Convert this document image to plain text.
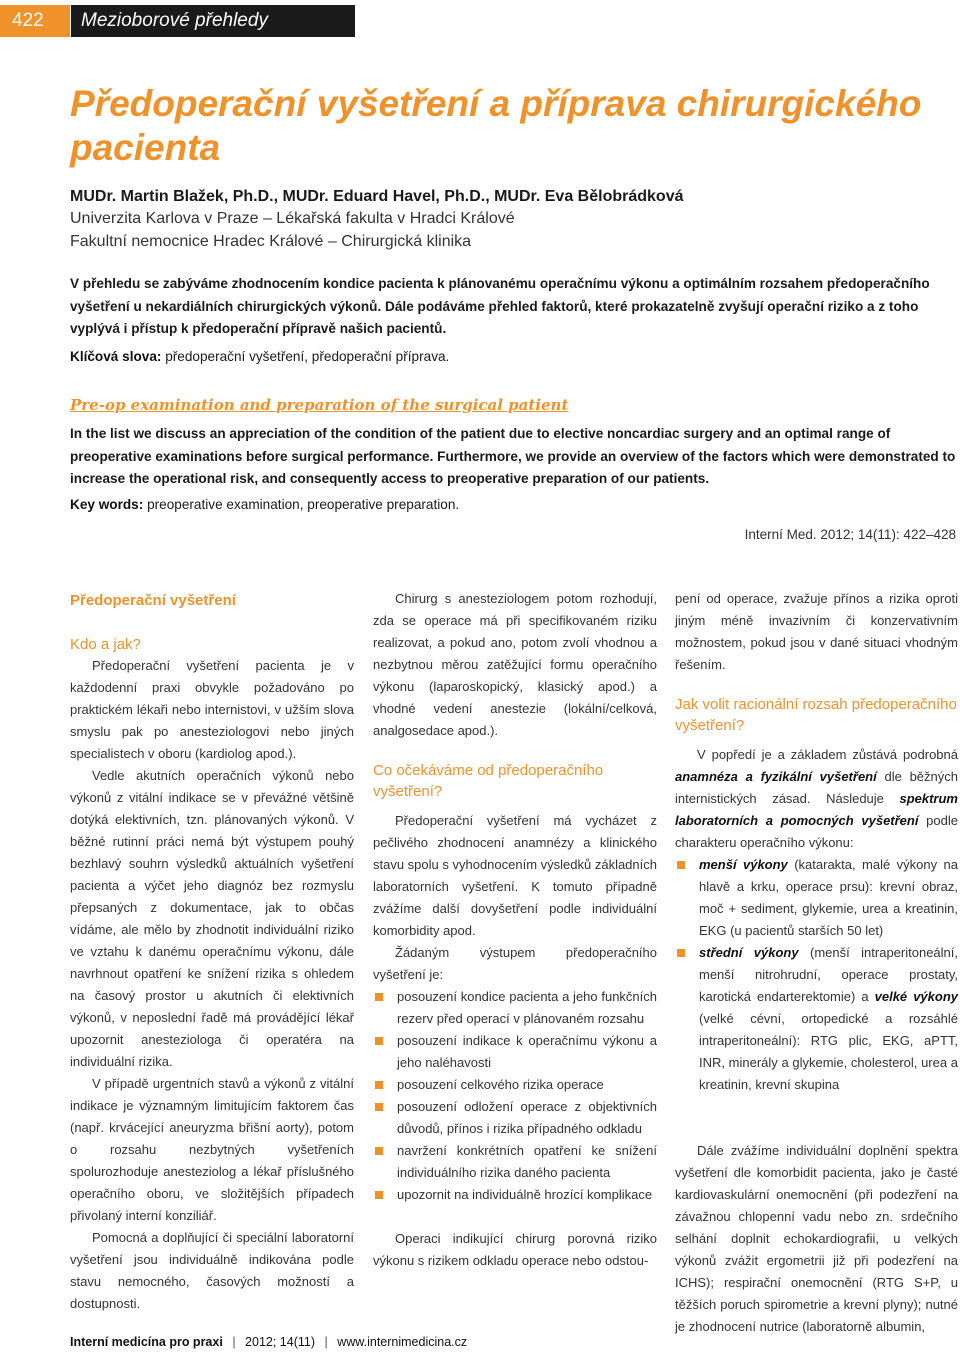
422	Mezioborové přehledy
Předoperační vyšetření a příprava chirurgického pacienta
MUDr. Martin Blažek, Ph.D., MUDr. Eduard Havel, Ph.D., MUDr. Eva Bělobrádková
Univerzita Karlova v Praze – Lékařská fakulta v Hradci Králové
Fakultní nemocnice Hradec Králové – Chirurgická klinika

V přehledu se zabýváme zhodnocením kondice pacienta k plánovanému operačnímu výkonu a optimálním rozsahem předoperačního vyšetření u nekardiálních chirurgických výkonů. Dále podáváme přehled faktorů, které prokazatelně zvyšují operační riziko a z toho vyplývá i přístup k předoperační přípravě našich pacientů.

Klíčová slova: předoperační vyšetření, předoperační příprava.

Pre-op examination and preparation of the surgical patient

In the list we discuss an appreciation of the condition of the patient due to elective noncardiac surgery and an optimal range of preoperative examinations before surgical performance. Furthermore, we provide an overview of the factors which were demonstrated to increase the operational risk, and consequently access to preoperative preparation of our patients.

Key words: preoperative examination, preoperative preparation.

Interní Med. 2012; 14(11): 422–428
Předoperační vyšetření
Kdo a jak?

Předoperační vyšetření pacienta je v každodenní praxi obvykle požadováno po praktickém lékaři nebo internistovi, v užším slova smyslu pak po anesteziologovi nebo jiných specialistech v oboru (kardiolog apod.).

Vedle akutních operačních výkonů nebo výkonů z vitální indikace se v převážné většině dotýká elektivních, tzn. plánovaných výkonů. V běžné rutinní práci nemá být výstupem pouhý bezhlavý souhrn výsledků aktuálních vyšetření pacienta a výčet jeho diagnóz bez rozmyslu přepsaných z dokumentace, jak to občas vídáme, ale mělo by zhodnotit individuální riziko ve vztahu k danému operačnímu výkonu, dále navrhnout opatření ke snížení rizika s ohledem na časový prostor u akutních či elektivních výkonů, v neposlední řadě má provádějící lékař upozornit anesteziologa či operatéra na individuální rizika.

V případě urgentních stavů a výkonů z vitální indikace je významným limitujícím faktorem čas (např. krvácející aneuryzma břišní aorty), potom o rozsahu nezbytných vyšetřeních spolurozhoduje anesteziolog a lékař příslušného operačního oboru, ve složitějších případech přivolaný interní konziliář.

Pomocná a doplňující či speciální laboratorní vyšetření jsou individuálně indikována podle stavu nemocného, časových možností a dostupnosti.

Chirurg s anesteziologem potom rozhodují, zda se operace má při specifikovaném riziku realizovat, a pokud ano, potom zvolí vhodnou a nezbytnou měrou zatěžující formu operačního výkonu (laparoskopický, klasický apod.) a vhodné vedení anestezie (lokální/celková, analgosedace apod.).

Co očekáváme od předoperačního vyšetření?

Předoperační vyšetření má vycházet z pečlivého zhodnocení anamnézy a klinického stavu spolu s vyhodnocením výsledků základních laboratorních vyšetření. K tomuto případně zvážíme další dovyšetření podle individuální komorbidity apod.

Žádaným výstupem předoperačního vyšetření je:

posouzení kondice pacienta a jeho funkčních rezerv před operací v plánovaném rozsahu
posouzení indikace k operačnímu výkonu a jeho naléhavosti
posouzení celkového rizika operace
posouzení odložení operace z objektivních důvodů, přínos i rizika případného odkladu
navržení konkrétních opatření ke snížení individuálního rizika daného pacienta
upozornit na individuálně hrozící komplikace

Operaci indikující chirurg porovná riziko výkonu s rizikem odkladu operace nebo odstou-

pení od operace, zvažuje přínos a rizika oproti jiným méně invazivním či konzervativním možnostem, pokud jsou v dané situaci vhodným řešením.

Jak volit racionální rozsah předoperačního vyšetření?

V popředí je a základem zůstává podrobná anamnéza a fyzikální vyšetření dle běžných internistických zásad. Následuje spektrum laboratorních a pomocných vyšetření podle charakteru operačního výkonu:

menší výkony (katarakta, malé výkony na hlavě a krku, operace prsu): krevní obraz, moč + sediment, glykemie, urea a kreatinin, EKG (u pacientů starších 50 let)
střední výkony (menší intraperitoneální, menší nitrohrudní, operace prostaty, karotická endarterektomie) a velké výkony (velké cévní, ortopedické a rozsáhlé intraperitoneální): RTG plic, EKG, aPTT, INR, minerály a glykemie, cholesterol, urea a kreatinin, krevní skupina

Dále zvážíme individuální doplnění spektra vyšetření dle komorbidit pacienta, jako je časté kardiovaskulární onemocnění (při podezření na závažnou chlopenní vadu nebo zn. srdečního selhání doplnit echokardiografii, u velkých výkonů zvážit ergometrii již při podezření na ICHS); respirační onemocnění (RTG S+P, u těžších poruch spirometrie a krevní plyny); nutné je zhodnocení nutrice (laboratorně albumin,

Interní medicína pro praxi | 2012; 14(11) | www.internimedicina.cz
